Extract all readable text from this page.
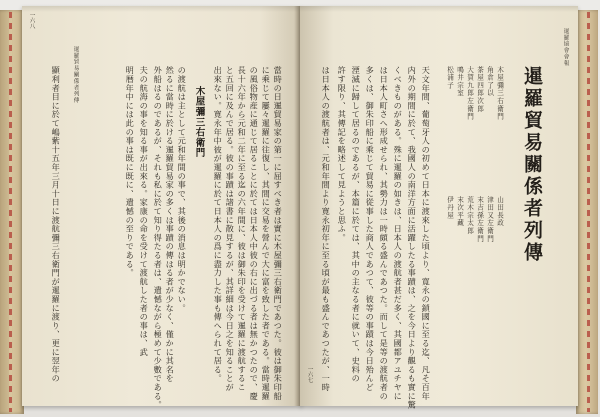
一六八
暹羅貿易關係者列傳	當時の日暹貿易家の第一に屈すべき者は實に木屋彌三右衛門であつた。彼は御朱印船
に乘じて屢々暹羅に往復し、其間に交易を營んで大に富を致した者である。當時暹羅
の風俗物産に通じて居ることに於ては日本人中彼の右に出づる者は無かつたので、慶
長十六年から元和二年に至る迄の六年間に、彼は御朱印を受けて暹羅に渡航するこ
と五回に及んで居る。彼の事蹟は諸書に散見するが、其詳細は今日之を知ることが
出來ない。寛永年中彼が暹羅に於て日本人の爲に盡力した事も傳へられて居る。
木屋彌三右衛門
の渡航は主として元和年間の事で、其後の消息は明かでない。
然るに當時に於ける暹羅貿易家の多くは事蹟の傳はる者が少なく、僅かに其名を
外船はるのであるが、それも私に於て知り得たる者は、遺憾ながら極めて少數である。
夫の航海の事を知る事が出來る。家康の命を受けて渡航した者の事は、武
明暦年中には此の事は既に既に、遺憾の至りである。
顯利者目に於て嶋紫十五年三月十日に渡航彌三右衛門が暹羅に渡り、更に翌年の
暹羅協會會報
暹羅貿易關係者列傳
木屋彌三右衛門
角倉了以
茶屋四郎次郎
大賀九郎左衛門
鳴井宗室
松浦子
山田長政
津田又左衛門
末吉孫左衛門
荒木宗太郎
末次平藏
伊丹屋
天文年間、葡萄牙人の初めて日本に渡來した頃より、寛永の鎖國に至る迄、凡そ百年
内外の期間に於て、我國人の南洋方面に活躍したる事蹟は、之を今日より觀るも實に驚
くべきものがある。殊に暹羅の如きは、日本人の渡航者甚だ多く、其國都アユチヤに
は日本人町さへ形成せられ、其勢力は一時頗る盛んであつた。而して是等の渡航者の
多くは、御朱印船に乘じて貿易に從事した商人であつて、彼等の事蹟は今日殆んど
湮滅に歸して居るのであるが、本篇に於ては、其中の主なる者に就いて、史料の
許す限り、其傳記を略述して見ようと思ふ。
は日本人の渡航者は、元和年間より寛永初年に至る頃が最も盛んであつたが、一時
一六七
